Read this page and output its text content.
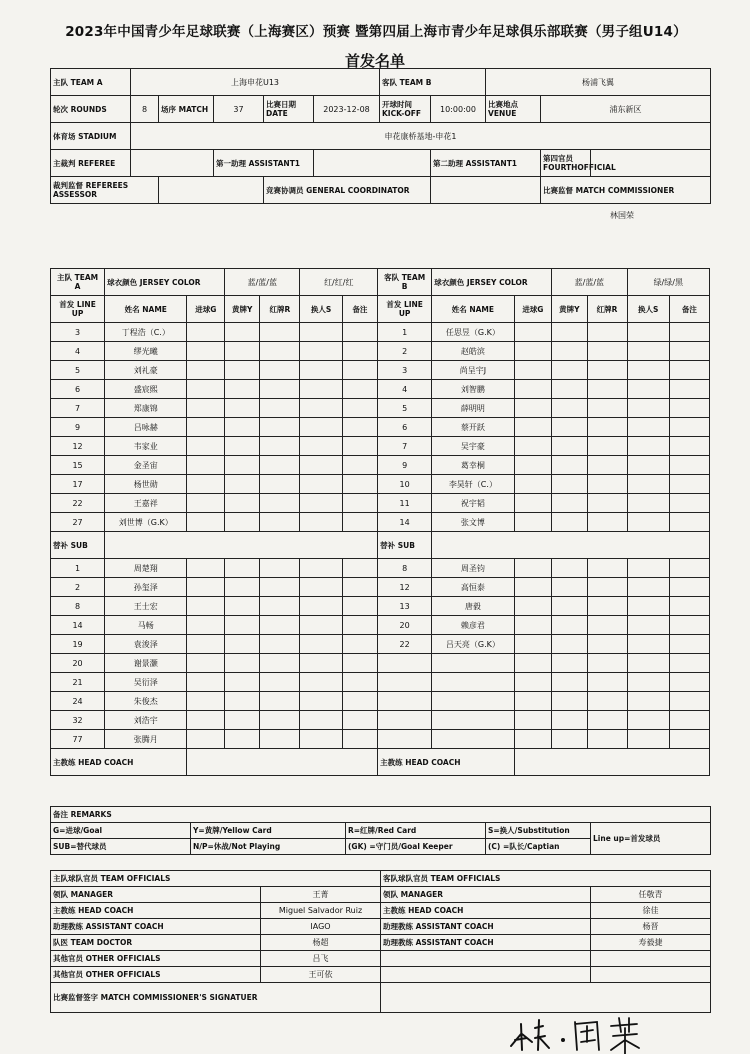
2023年中国青少年足球联赛（上海赛区）预赛 暨第四届上海市青少年足球俱乐部联赛（男子组U14）
首发名单
主队 TEAM A	上海申花U13					客队 TEAM B		杨浦飞翼		
轮次 ROUNDS	8	场序 MATCH	37	比赛日期 DATE	2023-12-08	开球时间 KICK-OFF	10:00:00	比赛地点 VENUE	浦东新区	
体育场 STADIUM	申花康桥基地-申花1									
主裁判 REFEREE			第一助理 ASSISTANT1				第二助理 ASSISTANT1		第四官员 FOURTHOFFICIAL	
裁判监督 REFEREES ASSESSOR				竞赛协调员 GENERAL COORDINATOR					比赛监督 MATCH COMMISSIONER	
林国荣
主队 TEAM A	球衣颜色 JERSEY COLOR		蓝/蓝/蓝		红/红/红		客队 TEAM B	球衣颜色 JERSEY COLOR		蓝/蓝/蓝		绿/绿/黑	
首发 LINE UP	姓名 NAME	进球G	黄牌Y	红牌R	换人S	备注	首发 LINE UP	姓名 NAME	进球G	黄牌Y	红牌R	换人S	备注
3	丁程浩（C.）						1	任思昱（G.K）					
4	缪光曦						2	赵皓滨					
5	刘礼豪						3	尚呈宇J					
6	盛宸熙						4	刘智鹏					
7	郑康锦						5	薛明明					
9	吕咏赫						6	蔡开跃					
12	韦家业						7	吴宇豪					
15	金圣宙						9	葛幸桐					
17	杨世勋						10	李昊轩（C.）					
22	王嘉祥						11	祝宇韬					
27	刘世博（G.K）						14	张文博					
替补 SUB							替补 SUB						
1	周楚翔						8	周圣钧					
2	孙玺泽						12	高恒泰					
8	王士宏						13	唐毅					
14	马畅						20	赖彦君					
19	袁浚泽						22	吕天亮（G.K）					
20	谢景灏												
21	吴衍泽												
24	朱俊杰												
32	刘浩宇												
77	张腾月												
主教练 HEAD COACH							主教练 HEAD COACH						
备注 REMARKS				
G=进球/Goal	Y=黄牌/Yellow Card	R=红牌/Red Card	S=换人/Substitution	Line up=首发球员
SUB=替代球员	N/P=休战/Not Playing	(GK) =守门员/Goal Keeper	(C) =队长/Captian	
主队球队官员 TEAM OFFICIALS		客队球队官员 TEAM OFFICIALS	
领队 MANAGER	王菁	领队 MANAGER	任敬青
主教练 HEAD COACH	Miguel Salvador Ruiz	主教练 HEAD COACH	徐佳
助理教练 ASSISTANT COACH	IAGO	助理教练 ASSISTANT COACH	杨晋
队医 TEAM DOCTOR	杨超	助理教练 ASSISTANT COACH	寿毅捷
其他官员 OTHER OFFICIALS	吕飞		
其他官员 OTHER OFFICIALS	王可依		
比赛监督签字 MATCH COMMISSIONER'S SIGNATUER			
